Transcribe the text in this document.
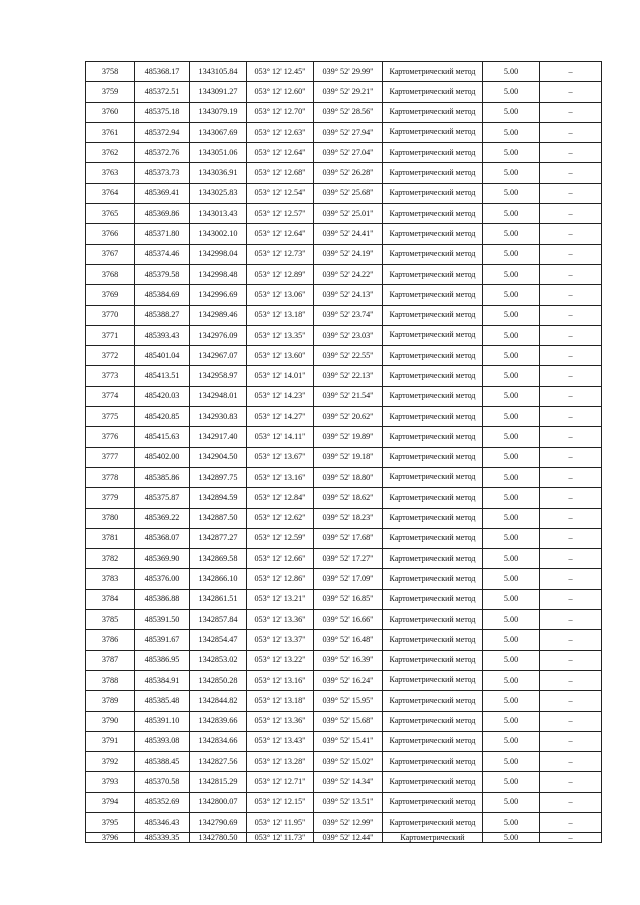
3758	485368.17	1343105.84	053° 12' 12.45"	039° 52' 29.99"	Картометрический метод	5.00	–
3759	485372.51	1343091.27	053° 12' 12.60"	039° 52' 29.21"	Картометрический метод	5.00	–
3760	485375.18	1343079.19	053° 12' 12.70"	039° 52' 28.56"	Картометрический метод	5.00	–
3761	485372.94	1343067.69	053° 12' 12.63"	039° 52' 27.94"	Картометрический метод	5.00	–
3762	485372.76	1343051.06	053° 12' 12.64"	039° 52' 27.04"	Картометрический метод	5.00	–
3763	485373.73	1343036.91	053° 12' 12.68"	039° 52' 26.28"	Картометрический метод	5.00	–
3764	485369.41	1343025.83	053° 12' 12.54"	039° 52' 25.68"	Картометрический метод	5.00	–
3765	485369.86	1343013.43	053° 12' 12.57"	039° 52' 25.01"	Картометрический метод	5.00	–
3766	485371.80	1343002.10	053° 12' 12.64"	039° 52' 24.41"	Картометрический метод	5.00	–
3767	485374.46	1342998.04	053° 12' 12.73"	039° 52' 24.19"	Картометрический метод	5.00	–
3768	485379.58	1342998.48	053° 12' 12.89"	039° 52' 24.22"	Картометрический метод	5.00	–
3769	485384.69	1342996.69	053° 12' 13.06"	039° 52' 24.13"	Картометрический метод	5.00	–
3770	485388.27	1342989.46	053° 12' 13.18"	039° 52' 23.74"	Картометрический метод	5.00	–
3771	485393.43	1342976.09	053° 12' 13.35"	039° 52' 23.03"	Картометрический метод	5.00	–
3772	485401.04	1342967.07	053° 12' 13.60"	039° 52' 22.55"	Картометрический метод	5.00	–
3773	485413.51	1342958.97	053° 12' 14.01"	039° 52' 22.13"	Картометрический метод	5.00	–
3774	485420.03	1342948.01	053° 12' 14.23"	039° 52' 21.54"	Картометрический метод	5.00	–
3775	485420.85	1342930.83	053° 12' 14.27"	039° 52' 20.62"	Картометрический метод	5.00	–
3776	485415.63	1342917.40	053° 12' 14.11"	039° 52' 19.89"	Картометрический метод	5.00	–
3777	485402.00	1342904.50	053° 12' 13.67"	039° 52' 19.18"	Картометрический метод	5.00	–
3778	485385.86	1342897.75	053° 12' 13.16"	039° 52' 18.80"	Картометрический метод	5.00	–
3779	485375.87	1342894.59	053° 12' 12.84"	039° 52' 18.62"	Картометрический метод	5.00	–
3780	485369.22	1342887.50	053° 12' 12.62"	039° 52' 18.23"	Картометрический метод	5.00	–
3781	485368.07	1342877.27	053° 12' 12.59"	039° 52' 17.68"	Картометрический метод	5.00	–
3782	485369.90	1342869.58	053° 12' 12.66"	039° 52' 17.27"	Картометрический метод	5.00	–
3783	485376.00	1342866.10	053° 12' 12.86"	039° 52' 17.09"	Картометрический метод	5.00	–
3784	485386.88	1342861.51	053° 12' 13.21"	039° 52' 16.85"	Картометрический метод	5.00	–
3785	485391.50	1342857.84	053° 12' 13.36"	039° 52' 16.66"	Картометрический метод	5.00	–
3786	485391.67	1342854.47	053° 12' 13.37"	039° 52' 16.48"	Картометрический метод	5.00	–
3787	485386.95	1342853.02	053° 12' 13.22"	039° 52' 16.39"	Картометрический метод	5.00	–
3788	485384.91	1342850.28	053° 12' 13.16"	039° 52' 16.24"	Картометрический метод	5.00	–
3789	485385.48	1342844.82	053° 12' 13.18"	039° 52' 15.95"	Картометрический метод	5.00	–
3790	485391.10	1342839.66	053° 12' 13.36"	039° 52' 15.68"	Картометрический метод	5.00	–
3791	485393.08	1342834.66	053° 12' 13.43"	039° 52' 15.41"	Картометрический метод	5.00	–
3792	485388.45	1342827.56	053° 12' 13.28"	039° 52' 15.02"	Картометрический метод	5.00	–
3793	485370.58	1342815.29	053° 12' 12.71"	039° 52' 14.34"	Картометрический метод	5.00	–
3794	485352.69	1342800.07	053° 12' 12.15"	039° 52' 13.51"	Картометрический метод	5.00	–
3795	485346.43	1342790.69	053° 12' 11.95"	039° 52' 12.99"	Картометрический метод	5.00	–
3796	485339.35	1342780.50	053° 12' 11.73"	039° 52' 12.44"	Картометрический	5.00	–
